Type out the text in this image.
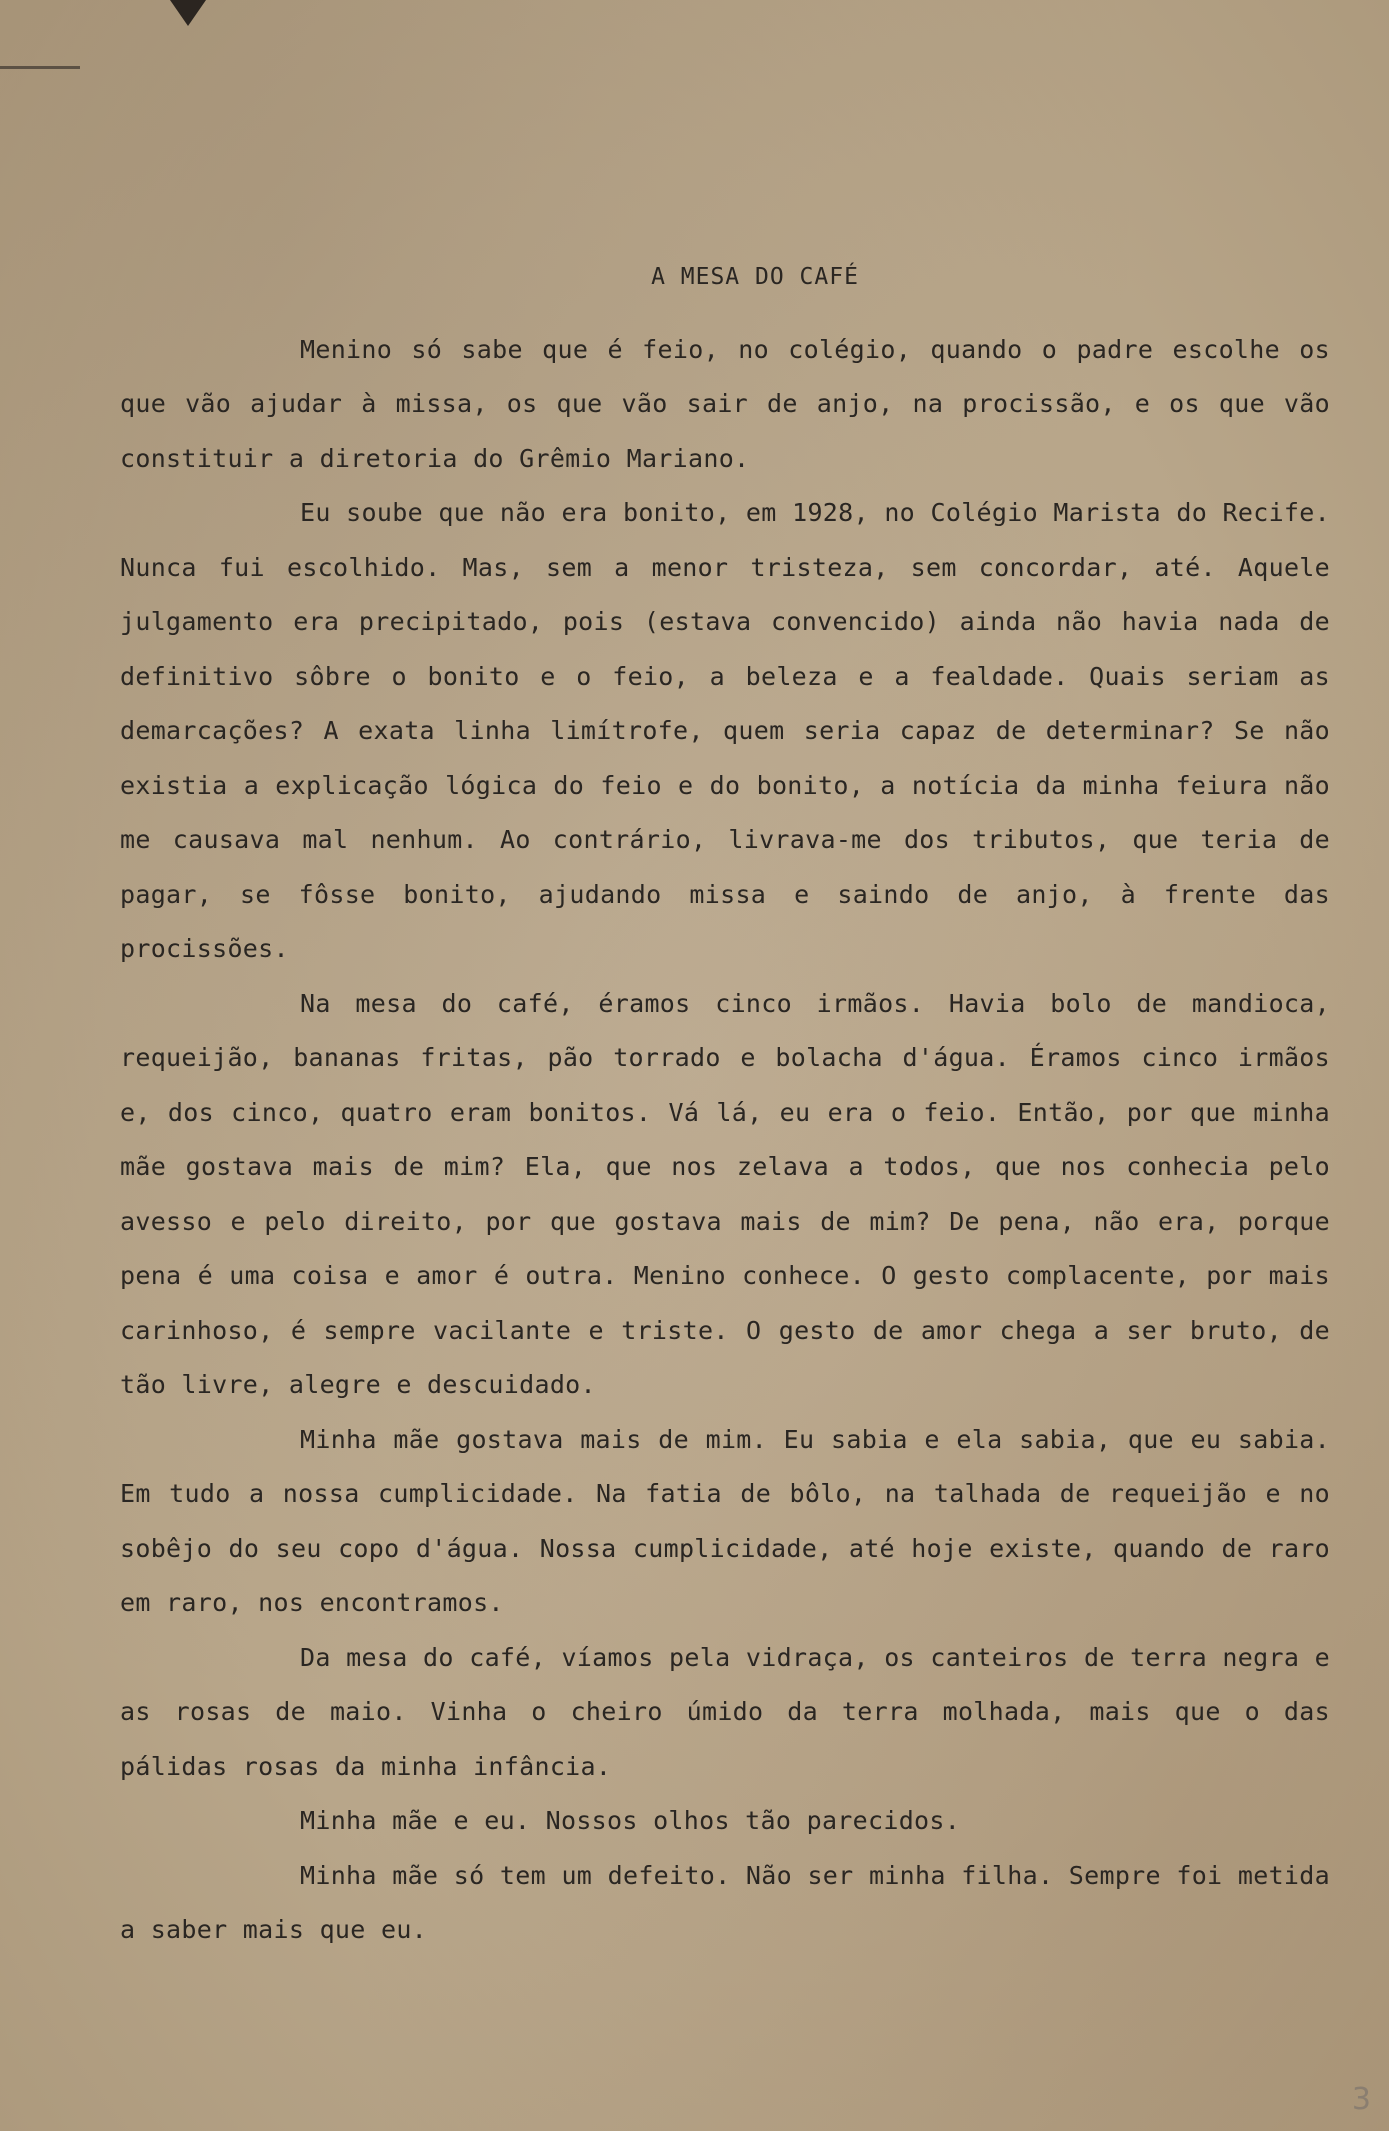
A MESA DO CAFÉ

Menino só sabe que é feio, no colégio, quando o padre escolhe os que vão ajudar à missa, os que vão sair de anjo, na procissão, e os que vão constituir a diretoria do Grêmio Mariano.

Eu soube que não era bonito, em 1928, no Colégio Marista do Recife. Nunca fui escolhido. Mas, sem a menor tristeza, sem concordar, até. Aquele julgamento era precipitado, pois (estava convencido) ainda não havia nada de definitivo sôbre o bonito e o feio, a beleza e a fealdade. Quais seriam as demarcações? A exata linha limítrofe, quem seria capaz de determinar? Se não existia a explicação lógica do feio e do bonito, a notícia da minha feiura não me causava mal nenhum. Ao contrário, livrava-me dos tributos, que teria de pagar, se fôsse bonito, ajudando missa e saindo de anjo, à frente das procissões.

Na mesa do café, éramos cinco irmãos. Havia bolo de mandioca, requeijão, bananas fritas, pão torrado e bolacha d'água. Éramos cinco irmãos e, dos cinco, quatro eram bonitos. Vá lá, eu era o feio. Então, por que minha mãe gostava mais de mim? Ela, que nos zelava a todos, que nos conhecia pelo avesso e pelo direito, por que gostava mais de mim? De pena, não era, porque pena é uma coisa e amor é outra. Menino conhece. O gesto complacente, por mais carinhoso, é sempre vacilante e triste. O gesto de amor chega a ser bruto, de tão livre, alegre e descuidado.

Minha mãe gostava mais de mim. Eu sabia e ela sabia, que eu sabia. Em tudo a nossa cumplicidade. Na fatia de bôlo, na talhada de requeijão e no sobêjo do seu copo d'água. Nossa cumplicidade, até hoje existe, quando de raro em raro, nos encontramos.

Da mesa do café, víamos pela vidraça, os canteiros de terra negra e as rosas de maio. Vinha o cheiro úmido da terra molhada, mais que o das pálidas rosas da minha infância.

Minha mãe e eu. Nossos olhos tão parecidos.

Minha mãe só tem um defeito. Não ser minha filha. Sempre foi metida a saber mais que eu.

3
